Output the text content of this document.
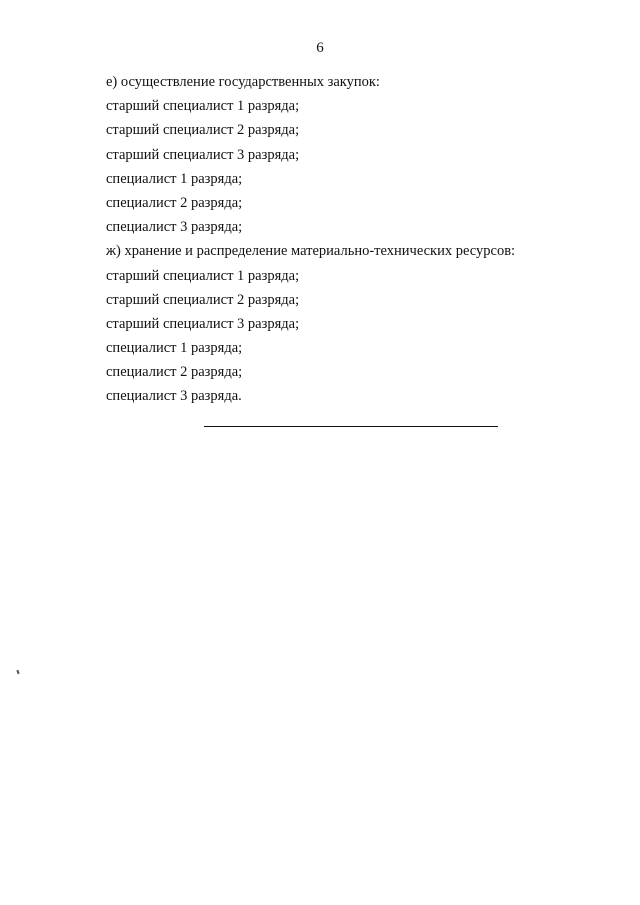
6
е) осуществление государственных закупок:
старший специалист 1 разряда;
старший специалист 2 разряда;
старший специалист 3 разряда;
специалист 1 разряда;
специалист 2 разряда;
специалист 3 разряда;
ж) хранение и распределение материально-технических ресурсов:
старший специалист 1 разряда;
старший специалист 2 разряда;
старший специалист 3 разряда;
специалист 1 разряда;
специалист 2 разряда;
специалист 3 разряда.
